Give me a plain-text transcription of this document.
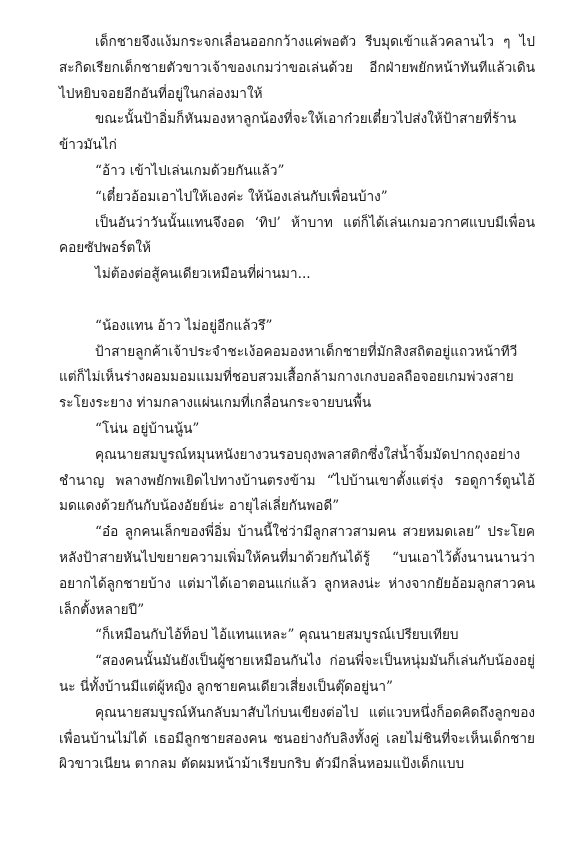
เด็กชายจึงแง้มกระจกเลื่อนออกกว้างแค่พอตัว รีบมุดเข้าแล้วคลานไว ๆ ไปสะกิดเรียกเด็กชายตัวขาวเจ้าของเกมว่าขอเล่นด้วย อีกฝ่ายพยักหน้าทันทีแล้วเดินไปหยิบจอยอีกอันที่อยู่ในกล่องมาให้

ขณะนั้นป้าอิ่มก็หันมองหาลูกน้องที่จะให้เอาก๋วยเตี๋ยวไปส่งให้ป้าสายที่ร้านข้าวมันไก่

“อ้าว เข้าไปเล่นเกมด้วยกันแล้ว”

“เตี๋ยวอ้อมเอาไปให้เองค่ะ ให้น้องเล่นกับเพื่อนบ้าง”

เป็นอันว่าวันนั้นแทนจึงอด ‘ทิป’ ห้าบาท แต่ก็ได้เล่นเกมอวกาศแบบมีเพื่อนคอยซัปพอร์ตให้

ไม่ต้องต่อสู้คนเดียวเหมือนที่ผ่านมา...

“น้องแทน อ้าว ไม่อยู่อีกแล้วรึ”

ป้าสายลูกค้าเจ้าประจำชะเง้อคอมองหาเด็กชายที่มักสิงสถิตอยู่แถวหน้าทีวี แต่ก็ไม่เห็นร่างผอมมอมแมมที่ชอบสวมเสื้อกล้ามกางเกงบอลถือจอยเกมพ่วงสายระโยงระยาง ท่ามกลางแผ่นเกมที่เกลื่อนกระจายบนพื้น

“โน่น อยู่บ้านนู้น”

คุณนายสมบูรณ์หมุนหนังยางวนรอบถุงพลาสติกซึ่งใส่น้ำจิ้มมัดปากถุงอย่างชำนาญ พลางพยักพเยิดไปทางบ้านตรงข้าม “ไปบ้านเขาตั้งแต่รุ่ง รอดูการ์ตูนไอ้มดแดงด้วยกันกับน้องอัยย์น่ะ อายุไล่เลี่ยกันพอดี”

“อ๋อ ลูกคนเล็กของพี่อิ่ม บ้านนี้ใช่ว่ามีลูกสาวสามคน สวยหมดเลย” ประโยคหลังป้าสายหันไปขยายความเพิ่มให้คนที่มาด้วยกันได้รู้ “บนเอาไว้ตั้งนานนานว่าอยากได้ลูกชายบ้าง แต่มาได้เอาตอนแก่แล้ว ลูกหลงน่ะ ห่างจากยัยอ้อมลูกสาวคนเล็กตั้งหลายปี”

“ก็เหมือนกับไอ้ท็อป ไอ้แทนแหละ” คุณนายสมบูรณ์เปรียบเทียบ

“สองคนนั้นมันยังเป็นผู้ชายเหมือนกันไง ก่อนพี่จะเป็นหนุ่มมันก็เล่นกับน้องอยู่นะ นี่ทั้งบ้านมีแต่ผู้หญิง ลูกชายคนเดียวเสี่ยงเป็นตุ๊ดอยู่นา”

คุณนายสมบูรณ์หันกลับมาสับไก่บนเขียงต่อไป แต่แวบหนึ่งก็อดคิดถึงลูกของเพื่อนบ้านไม่ได้ เธอมีลูกชายสองคน ซนอย่างกับลิงทั้งคู่ เลยไม่ชินที่จะเห็นเด็กชายผิวขาวเนียน ตากลม ตัดผมหน้าม้าเรียบกริบ ตัวมีกลิ่นหอมแป้งเด็กแบบ
